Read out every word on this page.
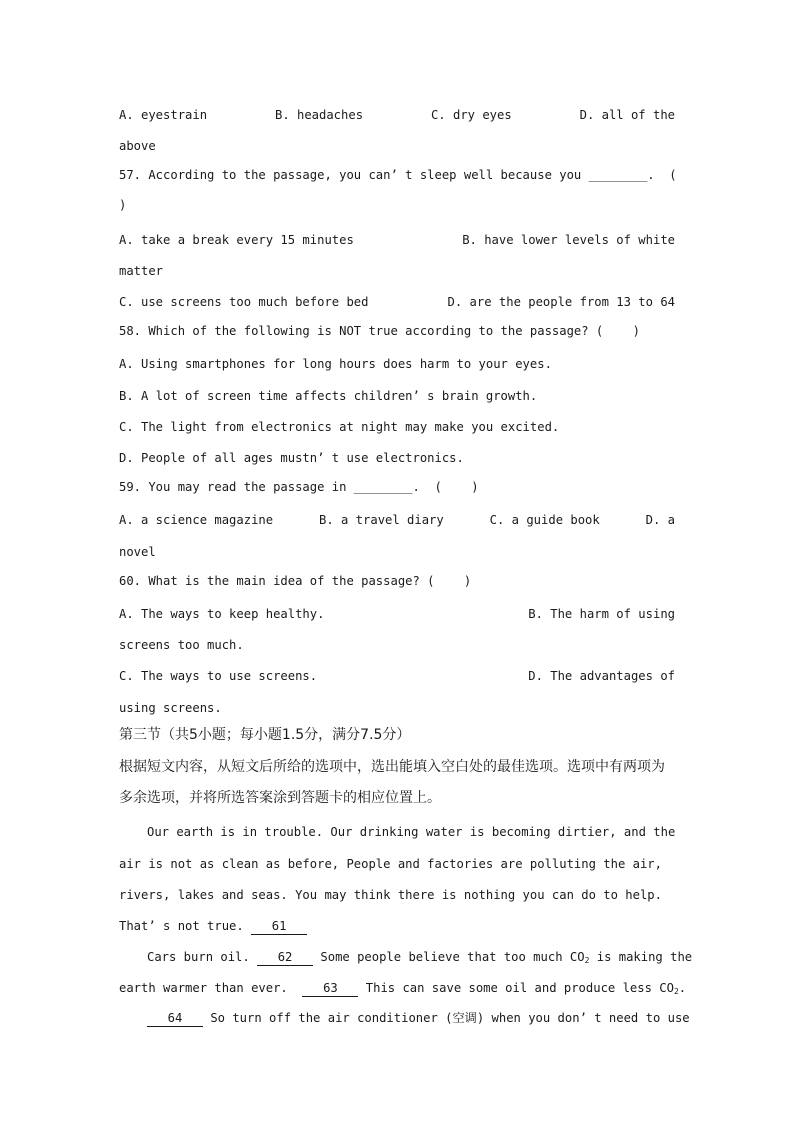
A. eyestrain	B. headaches	C. dry eyes	D. all of the
above
57. According to the passage, you can’ t sleep well because you ________.  (
)
A. take a break every 15 minutes	B. have lower levels of white
matter
C. use screens too much before bed	D. are the people from 13 to 64
58. Which of the following is NOT true according to the passage? (    )
A. Using smartphones for long hours does harm to your eyes.
B. A lot of screen time affects children’ s brain growth.
C. The light from electronics at night may make you excited.
D. People of all ages mustn’ t use electronics.
59. You may read the passage in ________.  (    )
A. a science magazine	B. a travel diary	C. a guide book	D. a
novel
60. What is the main idea of the passage? (    )
A. The ways to keep healthy.	B. The harm of using
screens too much.
C. The ways to use screens.	D. The advantages of
using screens.
第三节（共5小题；每小题1.5分，满分7.5分）
根据短文内容，从短文后所给的选项中，选出能填入空白处的最佳选项。选项中有两项为
多余选项，并将所选答案涂到答题卡的相应位置上。
Our earth is in trouble. Our drinking water is becoming dirtier, and the
air is not as clean as before, People and factories are polluting the air,
rivers, lakes and seas. You may think there is nothing you can do to help.
That’ s not true. 61
Cars burn oil. 62 Some people believe that too much $CO_2$ is making the
earth warmer than ever.  63 This can save some oil and produce less $CO_2$.
64 So turn off the air conditioner (空调) when you don’ t need to use
